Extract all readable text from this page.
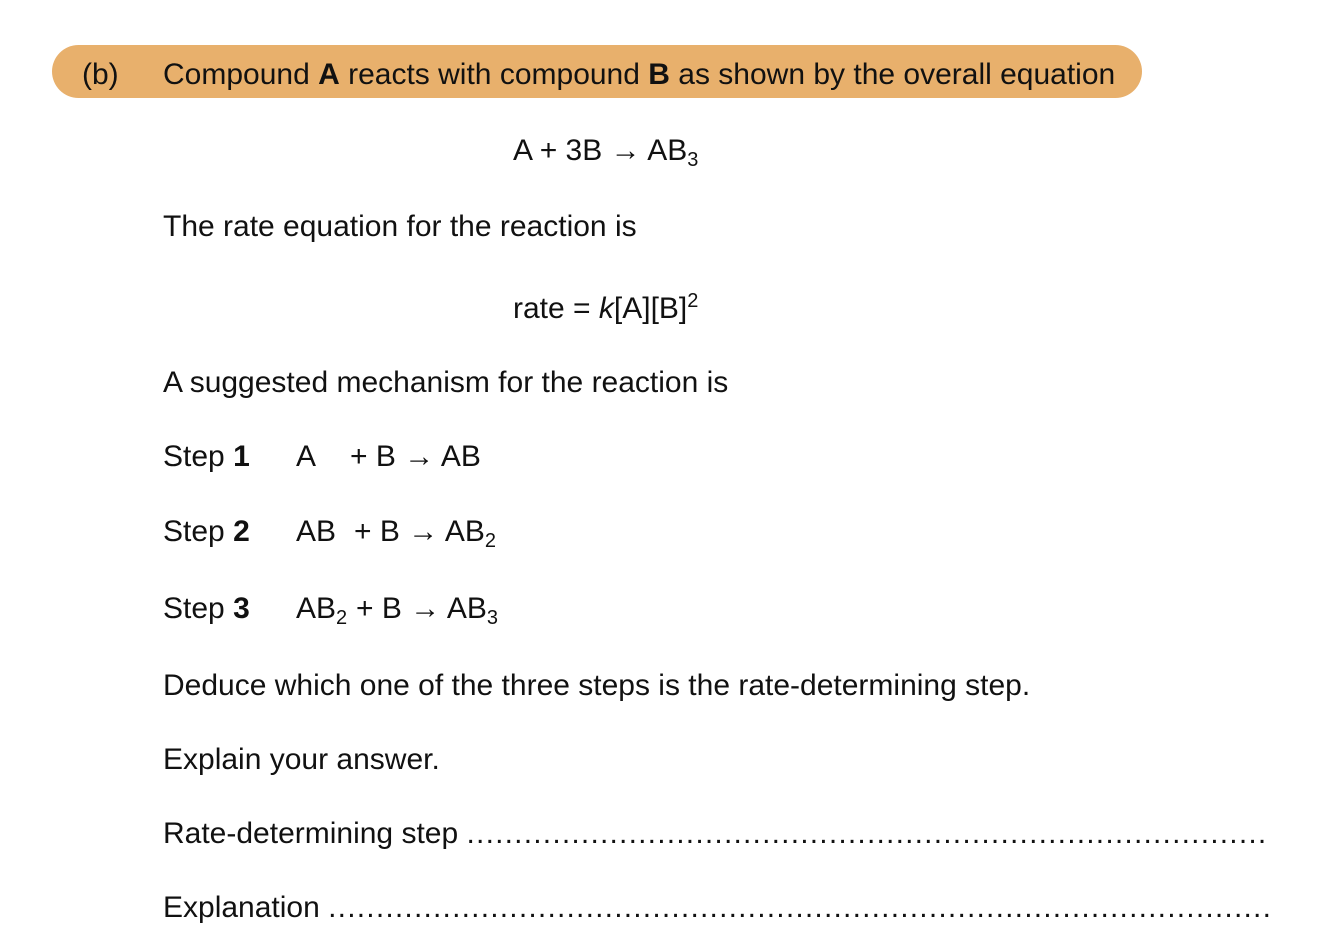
(b) Compound A reacts with compound B as shown by the overall equation
$A + 3B \to AB_3$
The rate equation for the reaction is
rate = $k[A][B]^2$
A suggested mechanism for the reaction is
Step 1 A + B → AB
Step 2 AB + $B \to AB_2$
Step 3 $AB_2 + B \to AB_3$
Deduce which one of the three steps is the rate-determining step.
Explain your answer.
Rate-determining step ....................................................................................
Explanation ...................................................................................................
